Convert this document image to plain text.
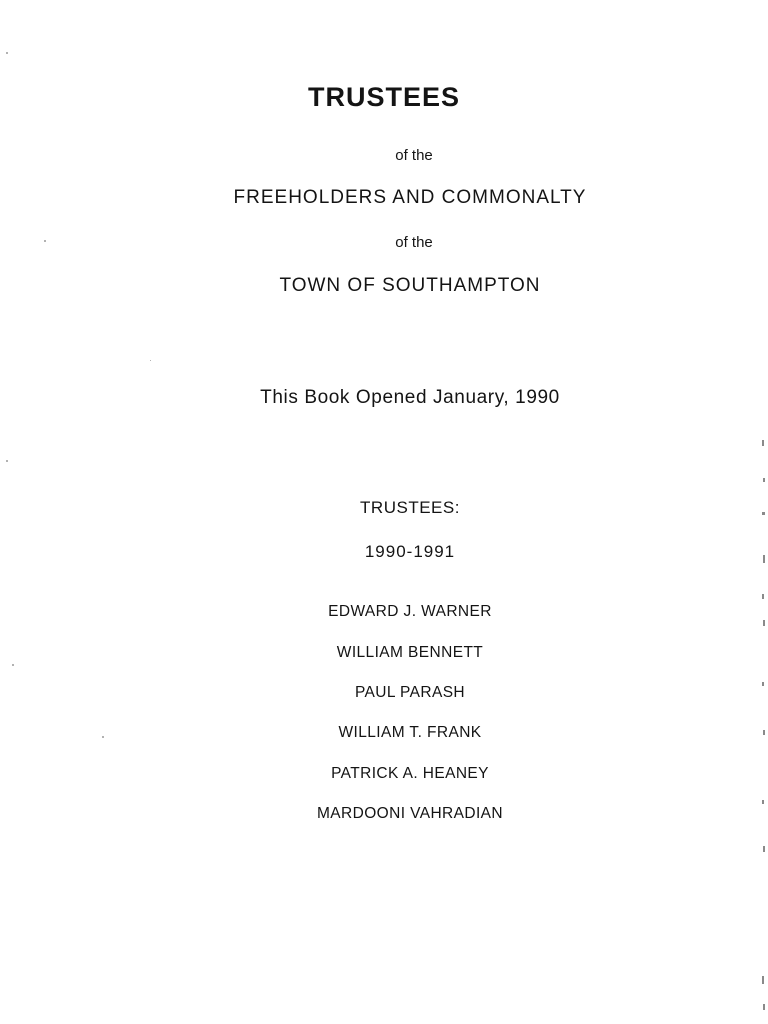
TRUSTEES
of the
FREEHOLDERS AND COMMONALTY
of the
TOWN OF SOUTHAMPTON
This Book Opened January, 1990
TRUSTEES:
1990-1991
EDWARD J. WARNER
WILLIAM BENNETT
PAUL PARASH
WILLIAM T. FRANK
PATRICK A. HEANEY
MARDOONI VAHRADIAN
